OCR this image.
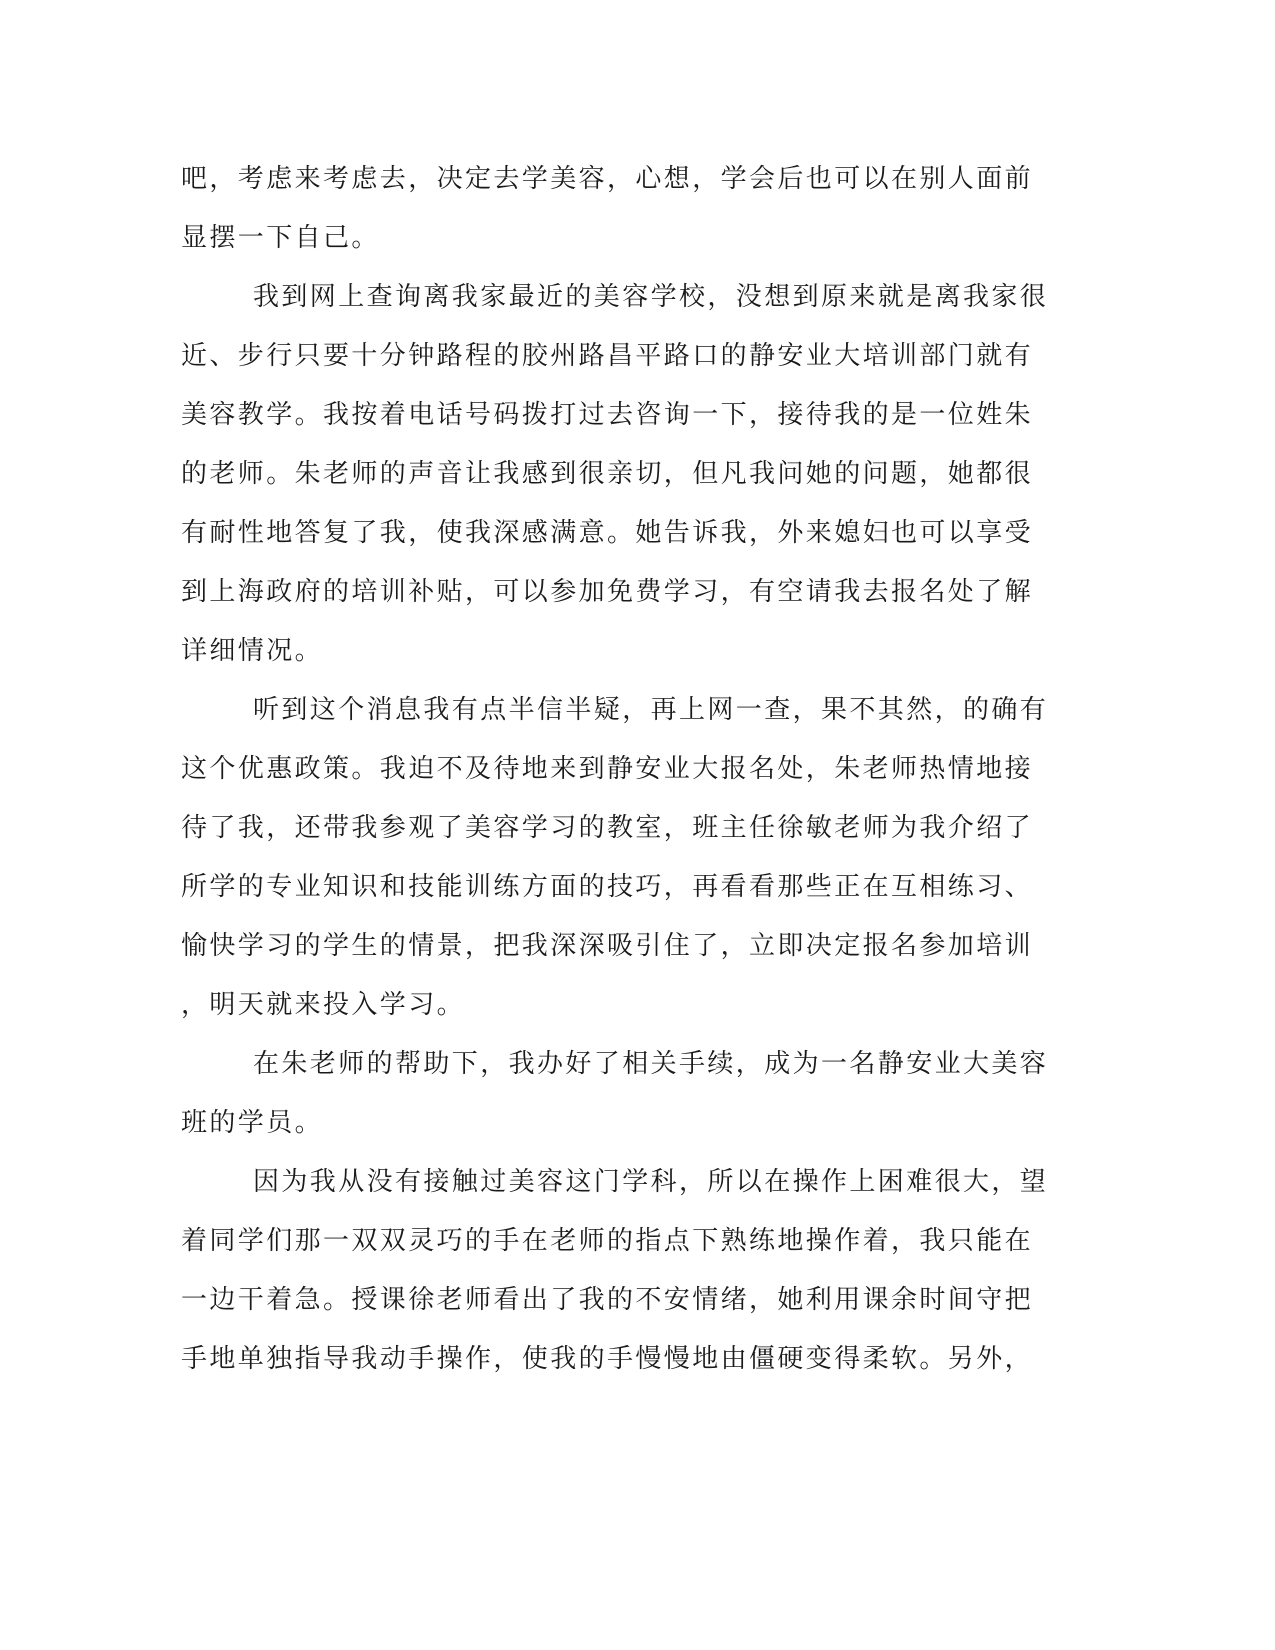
吧，考虑来考虑去，决定去学美容，心想，学会后也可以在别人面前
显摆一下自己。
我到网上查询离我家最近的美容学校，没想到原来就是离我家很
近、步行只要十分钟路程的胶州路昌平路口的静安业大培训部门就有
美容教学。我按着电话号码拨打过去咨询一下，接待我的是一位姓朱
的老师。朱老师的声音让我感到很亲切，但凡我问她的问题，她都很
有耐性地答复了我，使我深感满意。她告诉我，外来媳妇也可以享受
到上海政府的培训补贴，可以参加免费学习，有空请我去报名处了解
详细情况。
听到这个消息我有点半信半疑，再上网一查，果不其然，的确有
这个优惠政策。我迫不及待地来到静安业大报名处，朱老师热情地接
待了我，还带我参观了美容学习的教室，班主任徐敏老师为我介绍了
所学的专业知识和技能训练方面的技巧，再看看那些正在互相练习、
愉快学习的学生的情景，把我深深吸引住了，立即决定报名参加培训
，明天就来投入学习。
在朱老师的帮助下，我办好了相关手续，成为一名静安业大美容
班的学员。
因为我从没有接触过美容这门学科，所以在操作上困难很大，望
着同学们那一双双灵巧的手在老师的指点下熟练地操作着，我只能在
一边干着急。授课徐老师看出了我的不安情绪，她利用课余时间守把
手地单独指导我动手操作，使我的手慢慢地由僵硬变得柔软。另外，
